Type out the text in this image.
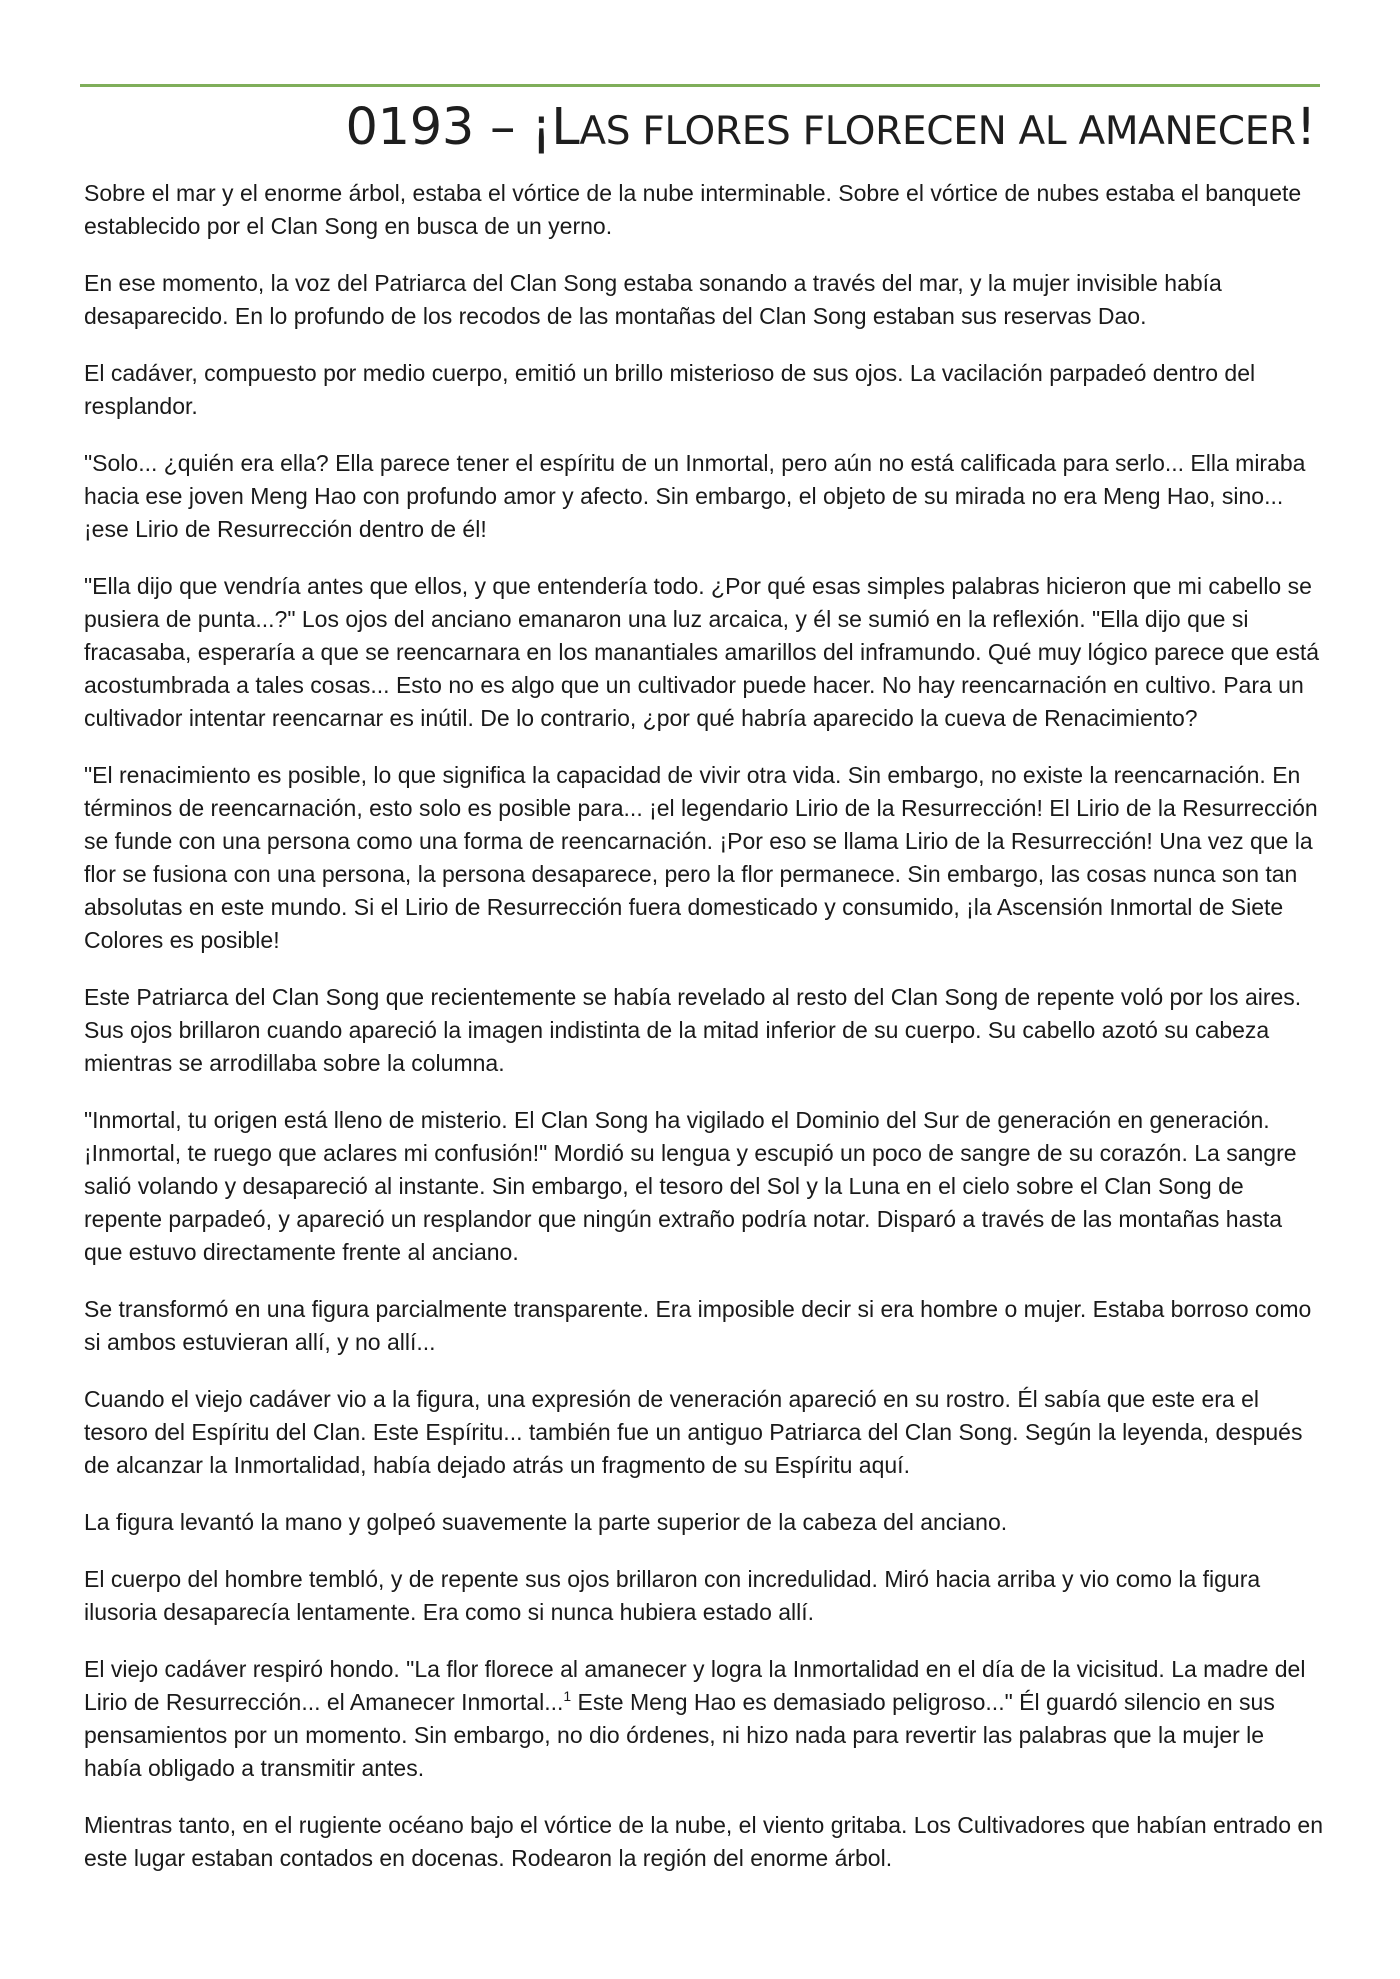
0193 – ¡LAS FLORES FLORECEN AL AMANECER!

Sobre el mar y el enorme árbol, estaba el vórtice de la nube interminable. Sobre el vórtice de nubes estaba el banquete establecido por el Clan Song en busca de un yerno.

En ese momento, la voz del Patriarca del Clan Song estaba sonando a través del mar, y la mujer invisible había desaparecido. En lo profundo de los recodos de las montañas del Clan Song estaban sus reservas Dao.

El cadáver, compuesto por medio cuerpo, emitió un brillo misterioso de sus ojos. La vacilación parpadeó dentro del resplandor.

"Solo... ¿quién era ella? Ella parece tener el espíritu de un Inmortal, pero aún no está calificada para serlo... Ella miraba hacia ese joven Meng Hao con profundo amor y afecto. Sin embargo, el objeto de su mirada no era Meng Hao, sino... ¡ese Lirio de Resurrección dentro de él!

"Ella dijo que vendría antes que ellos, y que entendería todo. ¿Por qué esas simples palabras hicieron que mi cabello se pusiera de punta...?" Los ojos del anciano emanaron una luz arcaica, y él se sumió en la reflexión. "Ella dijo que si fracasaba, esperaría a que se reencarnara en los manantiales amarillos del inframundo. Qué muy lógico parece que está acostumbrada a tales cosas... Esto no es algo que un cultivador puede hacer. No hay reencarnación en cultivo. Para un cultivador intentar reencarnar es inútil. De lo contrario, ¿por qué habría aparecido la cueva de Renacimiento?

"El renacimiento es posible, lo que significa la capacidad de vivir otra vida. Sin embargo, no existe la reencarnación. En términos de reencarnación, esto solo es posible para... ¡el legendario Lirio de la Resurrección! El Lirio de la Resurrección se funde con una persona como una forma de reencarnación. ¡Por eso se llama Lirio de la Resurrección! Una vez que la flor se fusiona con una persona, la persona desaparece, pero la flor permanece. Sin embargo, las cosas nunca son tan absolutas en este mundo. Si el Lirio de Resurrección fuera domesticado y consumido, ¡la Ascensión Inmortal de Siete Colores es posible!

Este Patriarca del Clan Song que recientemente se había revelado al resto del Clan Song de repente voló por los aires. Sus ojos brillaron cuando apareció la imagen indistinta de la mitad inferior de su cuerpo. Su cabello azotó su cabeza mientras se arrodillaba sobre la columna.

"Inmortal, tu origen está lleno de misterio. El Clan Song ha vigilado el Dominio del Sur de generación en generación. ¡Inmortal, te ruego que aclares mi confusión!" Mordió su lengua y escupió un poco de sangre de su corazón. La sangre salió volando y desapareció al instante. Sin embargo, el tesoro del Sol y la Luna en el cielo sobre el Clan Song de repente parpadeó, y apareció un resplandor que ningún extraño podría notar. Disparó a través de las montañas hasta que estuvo directamente frente al anciano.

Se transformó en una figura parcialmente transparente. Era imposible decir si era hombre o mujer. Estaba borroso como si ambos estuvieran allí, y no allí...

Cuando el viejo cadáver vio a la figura, una expresión de veneración apareció en su rostro. Él sabía que este era el tesoro del Espíritu del Clan. Este Espíritu... también fue un antiguo Patriarca del Clan Song. Según la leyenda, después de alcanzar la Inmortalidad, había dejado atrás un fragmento de su Espíritu aquí.

La figura levantó la mano y golpeó suavemente la parte superior de la cabeza del anciano.

El cuerpo del hombre tembló, y de repente sus ojos brillaron con incredulidad. Miró hacia arriba y vio como la figura ilusoria desaparecía lentamente. Era como si nunca hubiera estado allí.

El viejo cadáver respiró hondo. "La flor florece al amanecer y logra la Inmortalidad en el día de la vicisitud. La madre del Lirio de Resurrección... el Amanecer Inmortal...$^1$ Este Meng Hao es demasiado peligroso..." Él guardó silencio en sus pensamientos por un momento. Sin embargo, no dio órdenes, ni hizo nada para revertir las palabras que la mujer le había obligado a transmitir antes.

Mientras tanto, en el rugiente océano bajo el vórtice de la nube, el viento gritaba. Los Cultivadores que habían entrado en este lugar estaban contados en docenas. Rodearon la región del enorme árbol.
